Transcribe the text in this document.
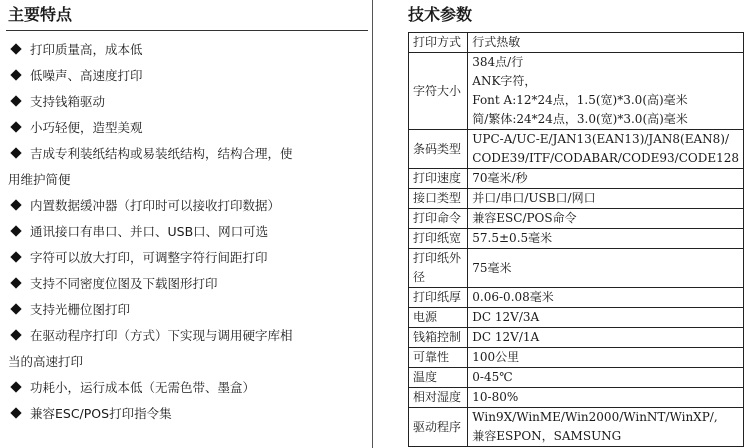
主要特点
打印质量高，成本低
低噪声、高速度打印
支持钱箱驱动
小巧轻便，造型美观
吉成专利装纸结构或易装纸结构，结构合理，使
用维护简便
内置数据缓冲器（打印时可以接收打印数据）
通讯接口有串口、并口、USB口、网口可选
字符可以放大打印，可调整字符行间距打印
支持不同密度位图及下载图形打印
支持光栅位图打印
在驱动程序打印（方式）下实现与调用硬字库相
当的高速打印
功耗小，运行成本低（无需色带、墨盒）
兼容ESC/POS打印指令集
技术参数
打印方式	行式热敏

字符大小	384点/行
ANK字符，
Font A:12*24点，1.5(宽)*3.0(高)毫米
简/繁体:24*24点，3.0(宽)*3.0(高)毫米

条码类型	UPC-A/UC-E/JAN13(EAN13)/JAN8(EAN8)/
CODE39/ITF/CODABAR/CODE93/CODE128

打印速度	70毫米/秒

接口类型	并口/串口/USB口/网口

打印命令	兼容ESC/POS命令

打印纸宽	57.5±0.5毫米

打印纸外径	75毫米

打印纸厚	0.06-0.08毫米

电源	DC 12V/3A

钱箱控制	DC 12V/1A

可靠性	100公里

温度	0-45℃

相对湿度	10-80%

驱动程序	Win9X/WinME/Win2000/WinNT/WinXP/,
兼容ESPON，SAMSUNG
